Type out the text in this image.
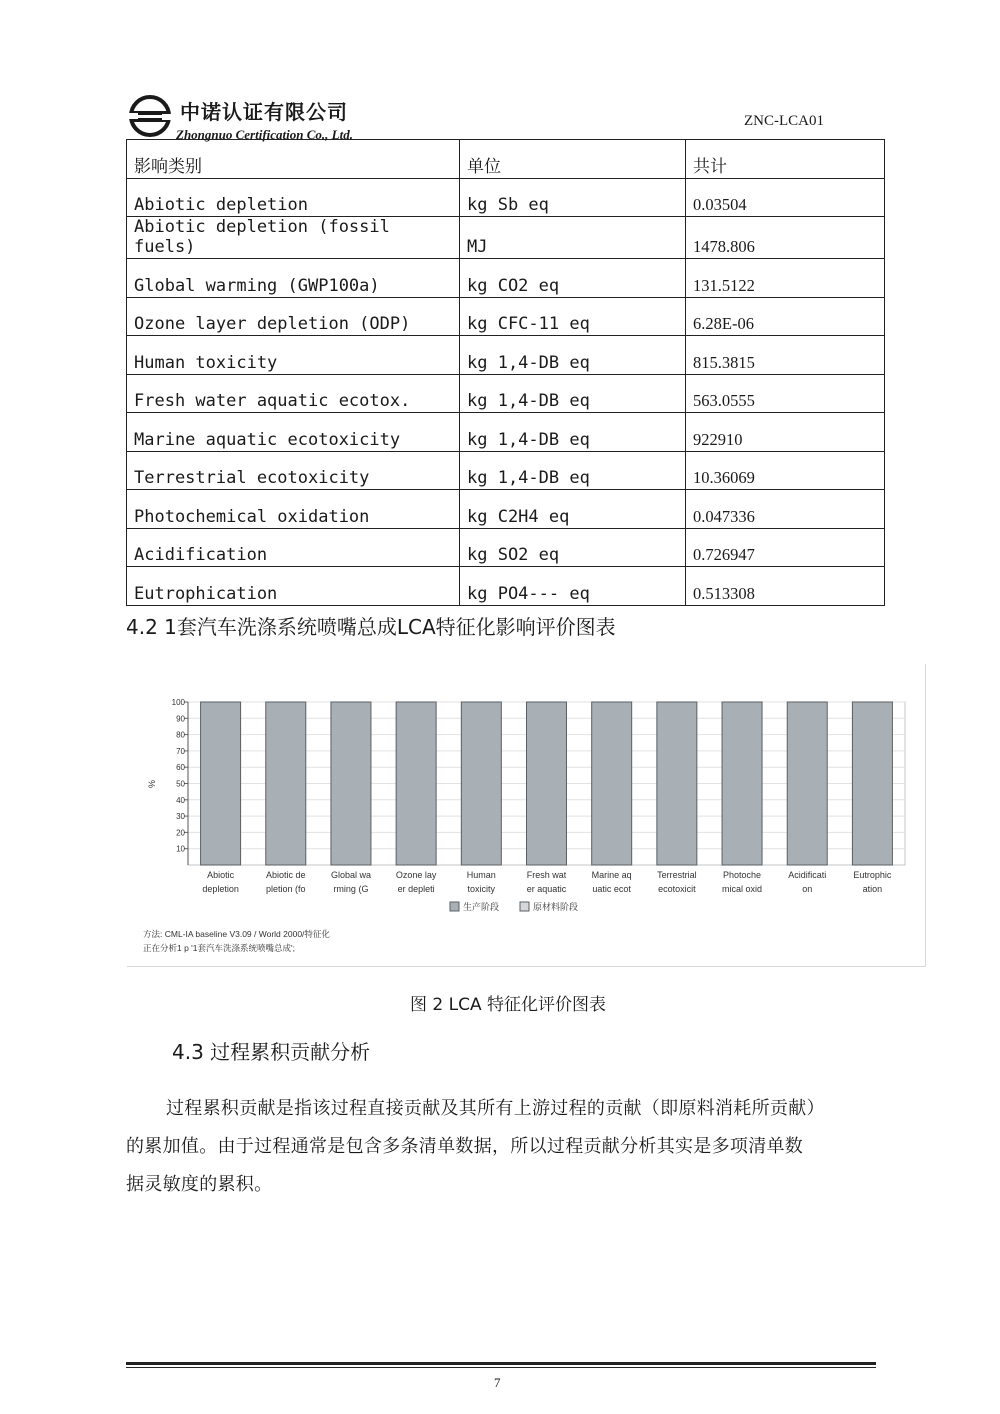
中诺认证有限公司
Zhongnuo Certification Co., Ltd.
ZNC-LCA01
影响类别	单位	共计
Abiotic depletion	kg Sb eq	0.03504
Abiotic depletion (fossil fuels)	MJ	1478.806
Global warming (GWP100a)	kg CO2 eq	131.5122
Ozone layer depletion (ODP)	kg CFC-11 eq	6.28E-06
Human toxicity	kg 1,4-DB eq	815.3815
Fresh water aquatic ecotox.	kg 1,4-DB eq	563.0555
Marine aquatic ecotoxicity	kg 1,4-DB eq	922910
Terrestrial ecotoxicity	kg 1,4-DB eq	10.36069
Photochemical oxidation	kg C2H4 eq	0.047336
Acidification	kg SO2 eq	0.726947
Eutrophication	kg PO4--- eq	0.513308
4.2 1套汽车洗涤系统喷嘴总成LCA特征化影响评价图表
10
20
30
40
50
60
70
80
90
100
%
Abiotic
depletion
Abiotic de
pletion (fo
Global wa
rming (G
Ozone lay
er depleti
Human
toxicity
Fresh wat
er aquatic
Marine aq
uatic ecot
Terrestrial
ecotoxicit
Photoche
mical oxid
Acidificati
on
Eutrophic
ation
生产阶段	原材料阶段
方法: CML-IA baseline V3.09 / World 2000/特征化
正在分析1 p '1套汽车洗涤系统喷嘴总成';
图 2 LCA 特征化评价图表
4.3 过程累积贡献分析
过程累积贡献是指该过程直接贡献及其所有上游过程的贡献（即原料消耗所贡献）
的累加值。由于过程通常是包含多条清单数据，所以过程贡献分析其实是多项清单数
据灵敏度的累积。
7
